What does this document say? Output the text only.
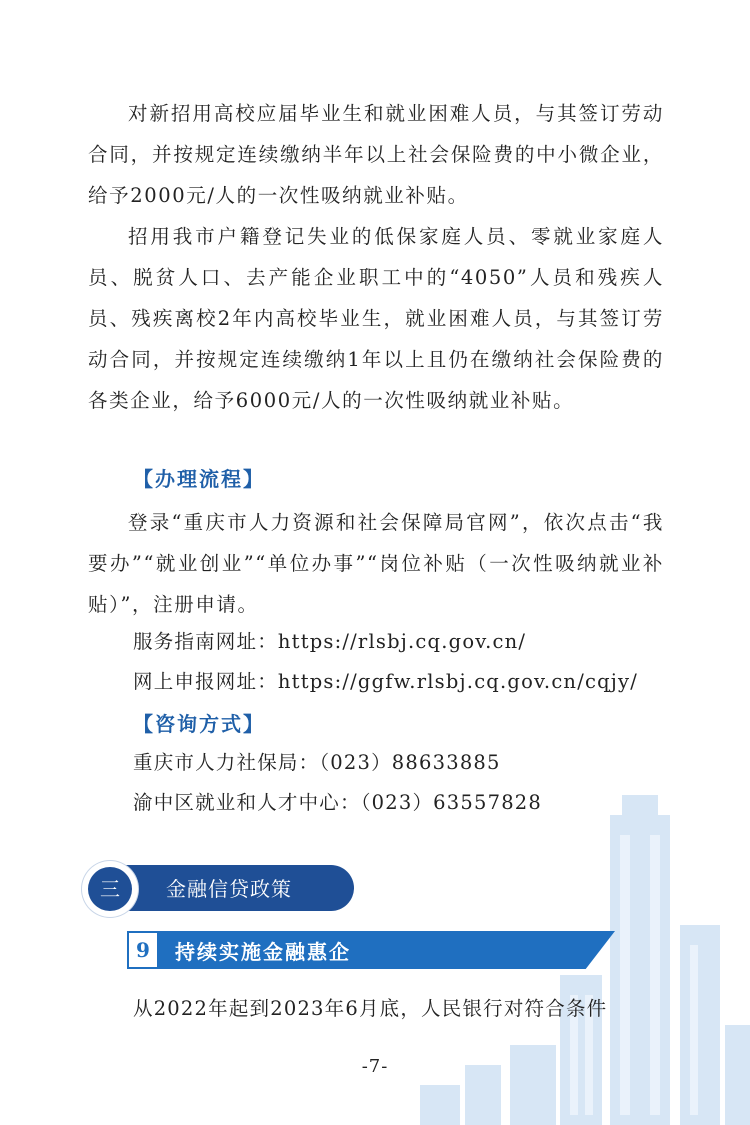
对新招用高校应届毕业生和就业困难人员，与其签订劳动合同，并按规定连续缴纳半年以上社会保险费的中小微企业，给予2000元/人的一次性吸纳就业补贴。

招用我市户籍登记失业的低保家庭人员、零就业家庭人员、脱贫人口、去产能企业职工中的“4050”人员和残疾人员、残疾离校2年内高校毕业生，就业困难人员，与其签订劳动合同，并按规定连续缴纳1年以上且仍在缴纳社会保险费的各类企业，给予6000元/人的一次性吸纳就业补贴。

【办理流程】

登录“重庆市人力资源和社会保障局官网”，依次点击“我要办”“就业创业”“单位办事”“岗位补贴（一次性吸纳就业补贴）”，注册申请。

服务指南网址：https://rlsbj.cq.gov.cn/
网上申报网址：https://ggfw.rlsbj.cq.gov.cn/cqjy/
【咨询方式】
重庆市人力社保局：（023）88633885
渝中区就业和人才中心：（023）63557828
三	金融信贷政策
9	持续实施金融惠企
从2022年起到2023年6月底，人民银行对符合条件
-7-
